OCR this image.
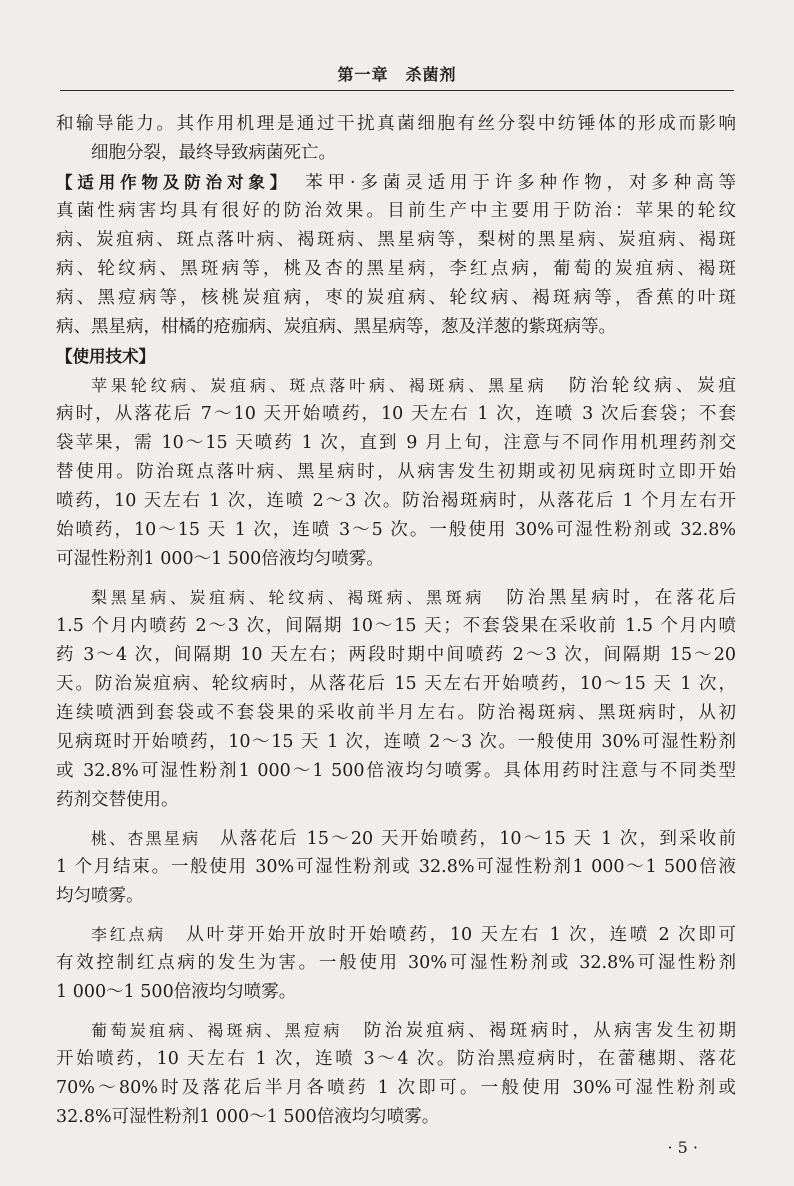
第一章　杀菌剂
和输导能力。其作用机理是通过干扰真菌细胞有丝分裂中纺锤体的形成而影响
细胞分裂，最终导致病菌死亡。
【适用作物及防治对象】　苯甲·多菌灵适用于许多种作物，对多种高等
真菌性病害均具有很好的防治效果。目前生产中主要用于防治：苹果的轮纹
病、炭疽病、斑点落叶病、褐斑病、黑星病等，梨树的黑星病、炭疽病、褐斑
病、轮纹病、黑斑病等，桃及杏的黑星病，李红点病，葡萄的炭疽病、褐斑
病、黑痘病等，核桃炭疽病，枣的炭疽病、轮纹病、褐斑病等，香蕉的叶斑
病、黑星病，柑橘的疮痂病、炭疽病、黑星病等，葱及洋葱的紫斑病等。
【使用技术】
苹果轮纹病、炭疽病、斑点落叶病、褐斑病、黑星病　防治轮纹病、炭疽
病时，从落花后 7～10 天开始喷药，10 天左右 1 次，连喷 3 次后套袋；不套
袋苹果，需 10～15 天喷药 1 次，直到 9 月上旬，注意与不同作用机理药剂交
替使用。防治斑点落叶病、黑星病时，从病害发生初期或初见病斑时立即开始
喷药，10 天左右 1 次，连喷 2～3 次。防治褐斑病时，从落花后 1 个月左右开
始喷药，10～15 天 1 次，连喷 3～5 次。一般使用 30%可湿性粉剂或 32.8%
可湿性粉剂1 000～1 500倍液均匀喷雾。
梨黑星病、炭疽病、轮纹病、褐斑病、黑斑病　防治黑星病时，在落花后
1.5 个月内喷药 2～3 次，间隔期 10～15 天；不套袋果在采收前 1.5 个月内喷
药 3～4 次，间隔期 10 天左右；两段时期中间喷药 2～3 次，间隔期 15～20
天。防治炭疽病、轮纹病时，从落花后 15 天左右开始喷药，10～15 天 1 次，
连续喷洒到套袋或不套袋果的采收前半月左右。防治褐斑病、黑斑病时，从初
见病斑时开始喷药，10～15 天 1 次，连喷 2～3 次。一般使用 30%可湿性粉剂
或 32.8%可湿性粉剂1 000～1 500倍液均匀喷雾。具体用药时注意与不同类型
药剂交替使用。
桃、杏黑星病　从落花后 15～20 天开始喷药，10～15 天 1 次，到采收前
1 个月结束。一般使用 30%可湿性粉剂或 32.8%可湿性粉剂1 000～1 500倍液
均匀喷雾。
李红点病　从叶芽开始开放时开始喷药，10 天左右 1 次，连喷 2 次即可
有效控制红点病的发生为害。一般使用 30%可湿性粉剂或 32.8%可湿性粉剂
1 000～1 500倍液均匀喷雾。
葡萄炭疽病、褐斑病、黑痘病　防治炭疽病、褐斑病时，从病害发生初期
开始喷药，10 天左右 1 次，连喷 3～4 次。防治黑痘病时，在蕾穗期、落花
70%～80%时及落花后半月各喷药 1 次即可。一般使用 30%可湿性粉剂或
32.8%可湿性粉剂1 000～1 500倍液均匀喷雾。
· 5 ·
